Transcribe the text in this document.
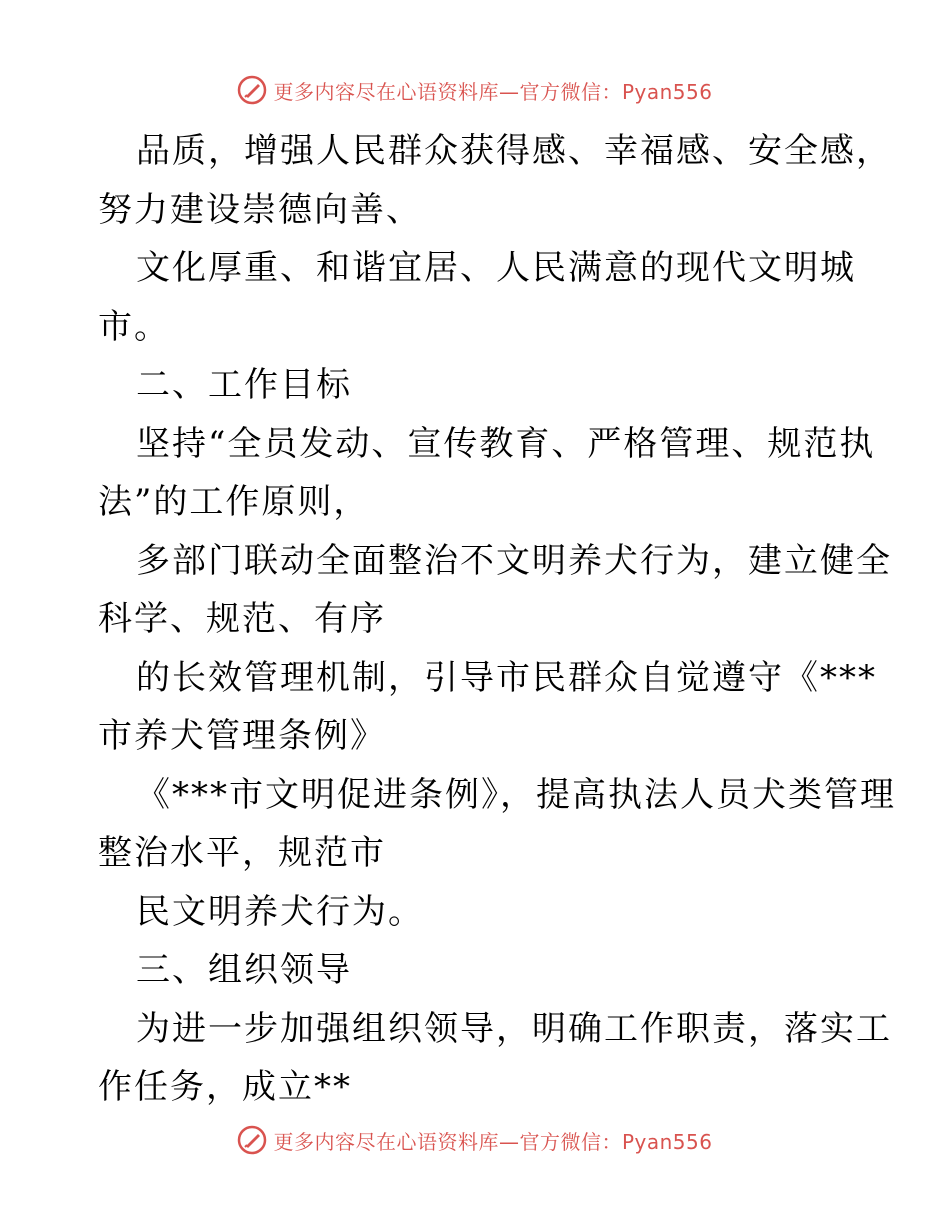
更多内容尽在心语资料库—官方微信：Pyan556
品质，增强人民群众获得感、幸福感、安全感，
努力建设崇德向善、
文化厚重、和谐宜居、人民满意的现代文明城
市。
二、工作目标
坚持“全员发动、宣传教育、严格管理、规范执
法”的工作原则，
多部门联动全面整治不文明养犬行为，建立健全
科学、规范、有序
的长效管理机制，引导市民群众自觉遵守《***
市养犬管理条例》
《***市文明促进条例》，提高执法人员犬类管理
整治水平，规范市
民文明养犬行为。
三、组织领导
为进一步加强组织领导，明确工作职责，落实工
作任务，成立**
更多内容尽在心语资料库—官方微信：Pyan556
